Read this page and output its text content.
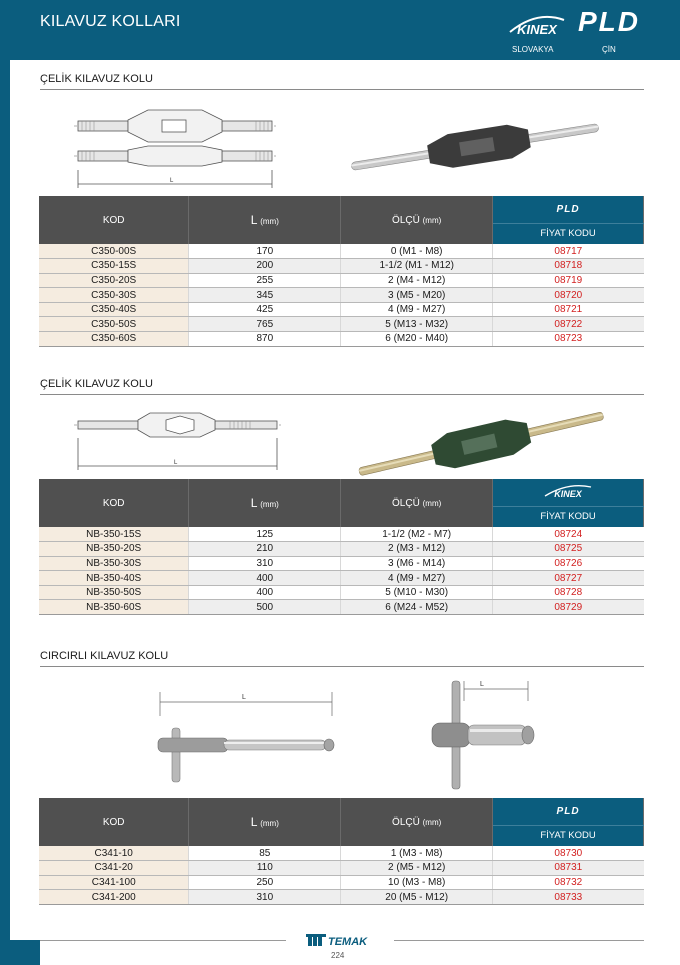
KILAVUZ KOLLARI	KINEX PLD
SLOVAKYA	ÇİN
ÇELİK KILAVUZ KOLU
L
KOD	L (mm)	ÖLÇÜ (mm)	PLD
			FİYAT KODU
C350-00S	170	0 (M1 - M8)	08717
C350-15S	200	1-1/2 (M1 - M12)	08718
C350-20S	255	2 (M4 - M12)	08719
C350-30S	345	3 (M5 - M20)	08720
C350-40S	425	4 (M9 - M27)	08721
C350-50S	765	5 (M13 - M32)	08722
C350-60S	870	6 (M20 - M40)	08723
ÇELİK KILAVUZ KOLU
L
KOD	L (mm)	ÖLÇÜ (mm)	KINEX

			FİYAT KODU
NB-350-15S	125	1-1/2 (M2 - M7)	08724
NB-350-20S	210	2 (M3 - M12)	08725
NB-350-30S	310	3 (M6 - M14)	08726
NB-350-40S	400	4 (M9 - M27)	08727
NB-350-50S	400	5 (M10 - M30)	08728
NB-350-60S	500	6 (M24 - M52)	08729
CIRCIRLI KILAVUZ KOLU
L
L
KOD	L (mm)	ÖLÇÜ (mm)	PLD
			FİYAT KODU
C341-10	85	1 (M3 - M8)	08730
C341-20	110	2 (M5 - M12)	08731
C341-100	250	10 (M3 - M8)	08732
C341-200	310	20 (M5 - M12)	08733
TEMAK
224
